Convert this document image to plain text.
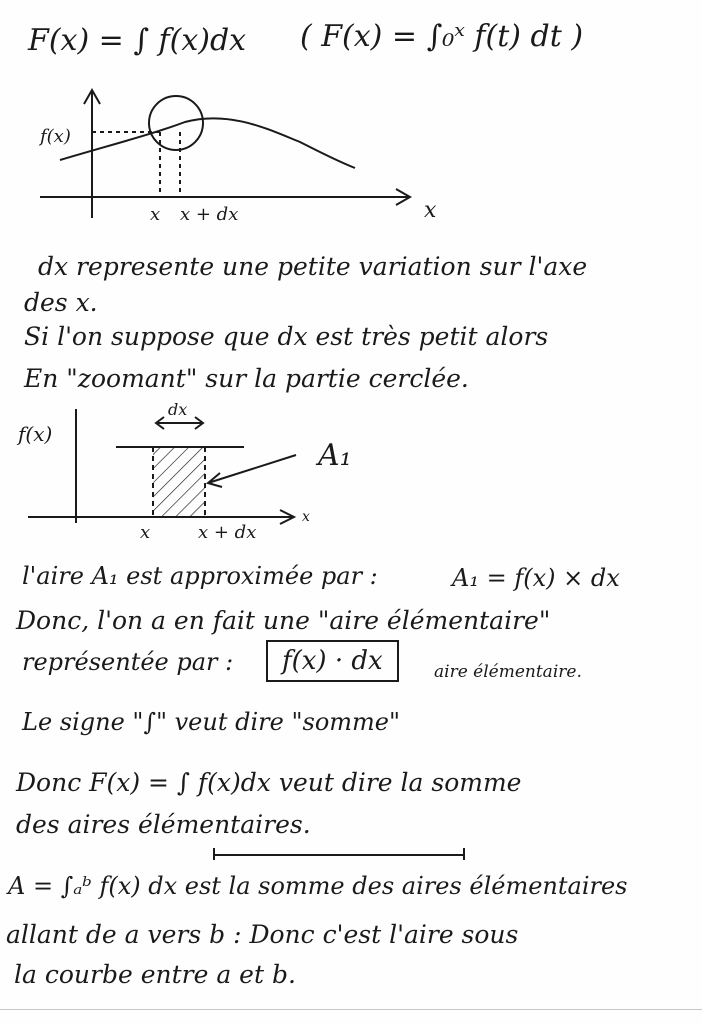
F(x) = ∫ f(x)dx ( F(x) = ∫₀ˣ f(t) dt )
f(x)
x x + dx	x
dx represente une petite variation sur l'axe
des x.
Si l'on suppose que dx est très petit alors
En "zoomant" sur la partie cerclée.
f(x)
dx
A₁
x	x + dx
x
l'aire A₁ est approximée par :	A₁ = f(x) × dx
Donc, l'on a en fait une "aire élémentaire"
représentée par :	f(x) · dx	aire élémentaire.
Le signe "∫" veut dire "somme"
Donc F(x) = ∫ f(x)dx veut dire la somme
des aires élémentaires.
A = ∫ₐᵇ f(x) dx est la somme des aires élémentaires
allant de a vers b : Donc c'est l'aire sous
la courbe entre a et b.
